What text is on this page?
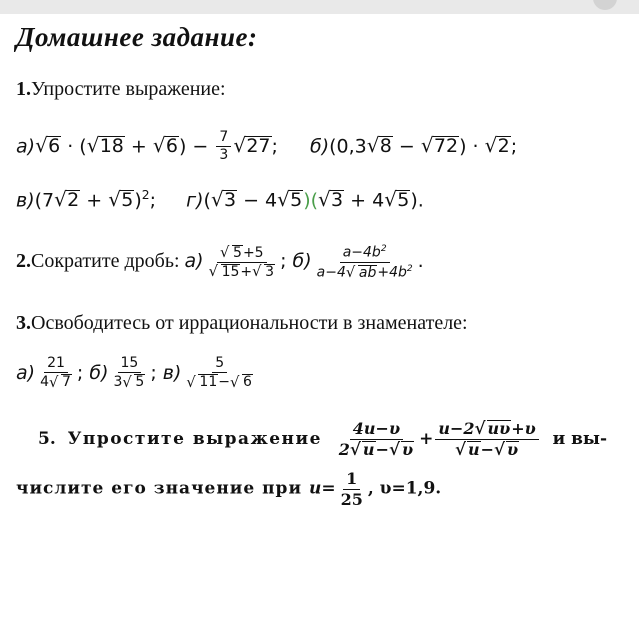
Домашнее задание:
1.Упростите выражение:
а)√ 6 · (√ 18 + √ $6) - \frac{7}{3}$
√ 27; б)(0,3√ 8 − √ 72) · √ 2;
в)(7√ 2 + √ 5)$^2$; г)(√ 3 − 4√ 5)(√ 3 + 4√ 5).
2.Сократите дробь: а)
√ 5+5
√ 15+√ 3 ; $б) \frac{a-4b^2}{a-4√ ab+4b^2}$ .
3.Освободитесь от иррациональности в знаменателе:
$а) \frac{21}{4√ 7}$ ; $б) \frac{15}{3√ 5}$ ; в) 5
√ 11−√ 6
5. Упростите выражение $\frac{4u-\upsilon}{2√ u-√ \upsilon} + u-2√$ uυ+υ
√ u−√ υ и вы-
числите его значение при $u= \frac{1}{25}$ , υ=1,9.
